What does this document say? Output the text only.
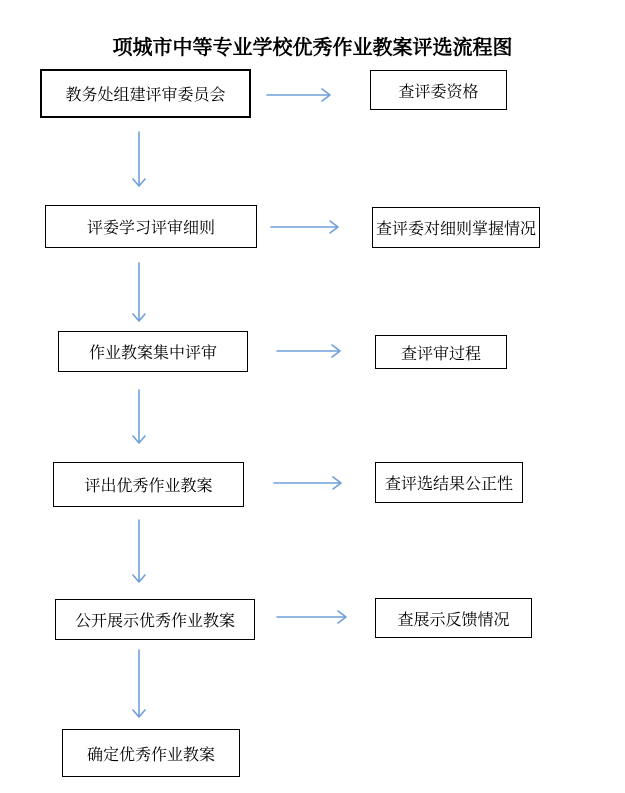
项城市中等专业学校优秀作业教案评选流程图
教务处组建评审委员会
评委学习评审细则
作业教案集中评审
评出优秀作业教案
公开展示优秀作业教案
确定优秀作业教案
查评委资格
查评委对细则掌握情况
查评审过程
查评选结果公正性
查展示反馈情况
